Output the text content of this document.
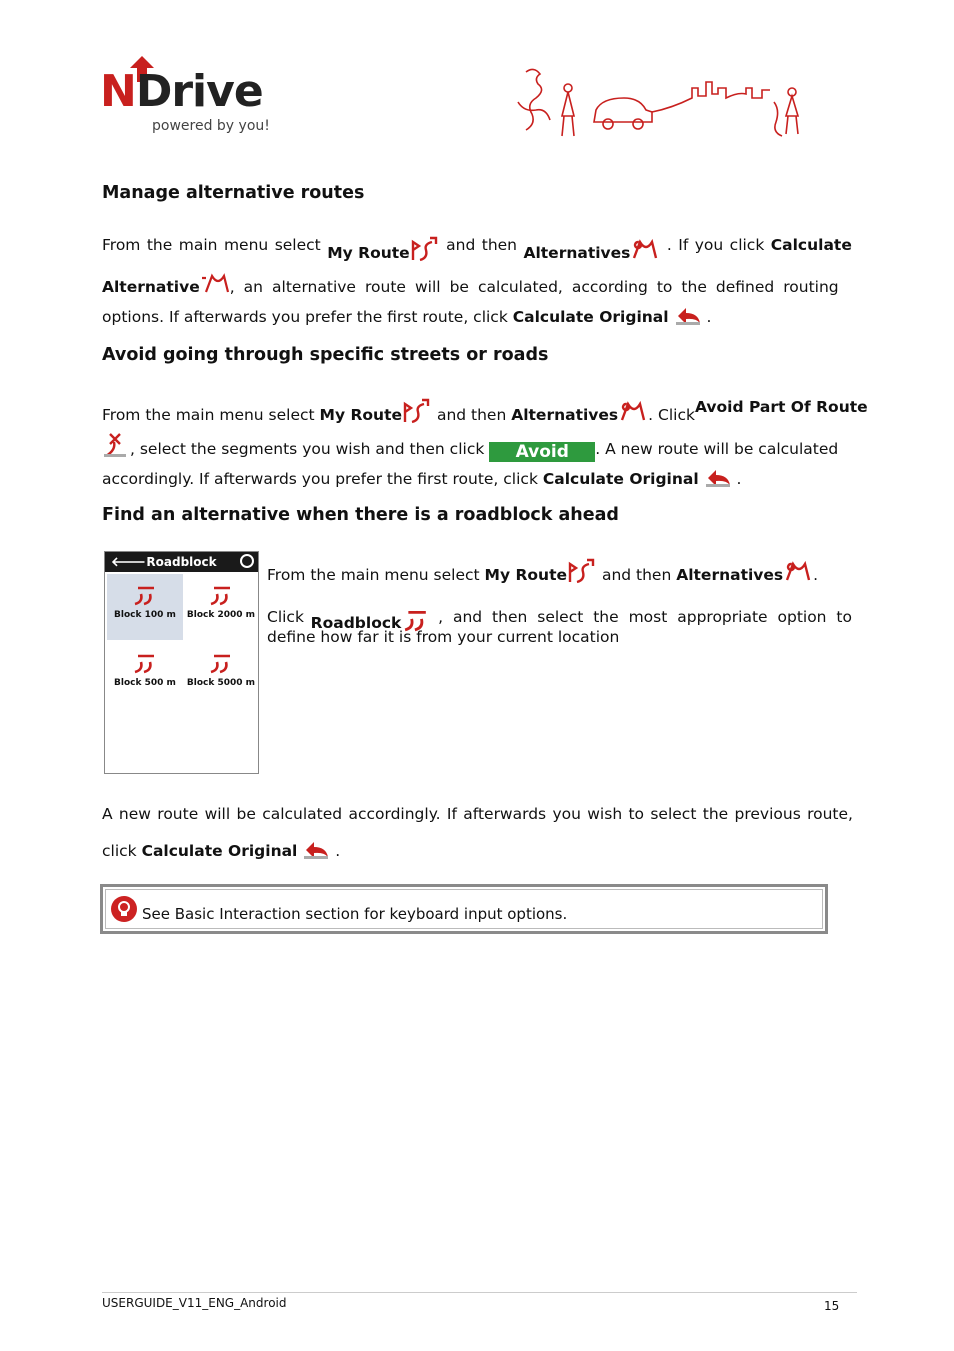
NDrive
powered by you!
Manage alternative routes
From the main menu select My Route	and then Alternatives	. If you click Calculate
Alternative , an alternative route will be calculated, according to the defined routing
options. If afterwards you prefer the first route, click Calculate Original .
Avoid going through specific streets or roads
From the main menu select My Route and then Alternatives . Click Avoid Part Of Route
, select the segments you wish and then click Avoid . A new route will be calculated
accordingly. If afterwards you prefer the first route, click Calculate Original .
Find an alternative when there is a roadblock ahead
🡐 Roadblock
Block 100 m	Block 2000 m
Block 500 m	Block 5000 m
From the main menu select My Route and then Alternatives .
Click Roadblock	, and then select the most appropriate option to
define how far it is from your current location
A new route will be calculated accordingly. If afterwards you wish to select the previous route,
click Calculate Original .
See Basic Interaction section for keyboard input options.
USERGUIDE_V11_ENG_Android	15
